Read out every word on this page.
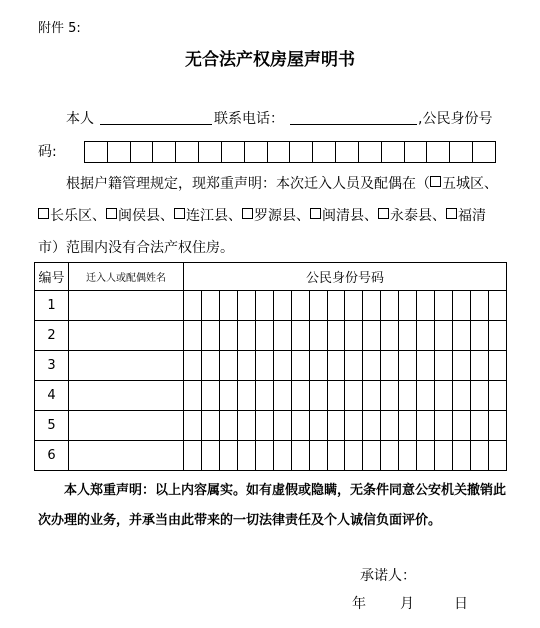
附件 5:
无合法产权房屋声明书
本人	联系电话：	,公民身份号
码:
根据户籍管理规定，现郑重声明：本次迁入人员及配偶在（ 五城区、长乐区、 闽侯县、 连江县、 罗源县、 闽清县、 永泰县、 福清市）范围内没有合法产权住房。
编号	迁入人或配偶姓名	公民身份号码																	
1																			
2																			
3																			
4																			
5																			
6																			
本人郑重声明：以上内容属实。如有虚假或隐瞒，无条件同意公安机关撤销此次办理的业务，并承当由此带来的一切法律责任及个人诚信负面评价。
承诺人：
年 月	日
